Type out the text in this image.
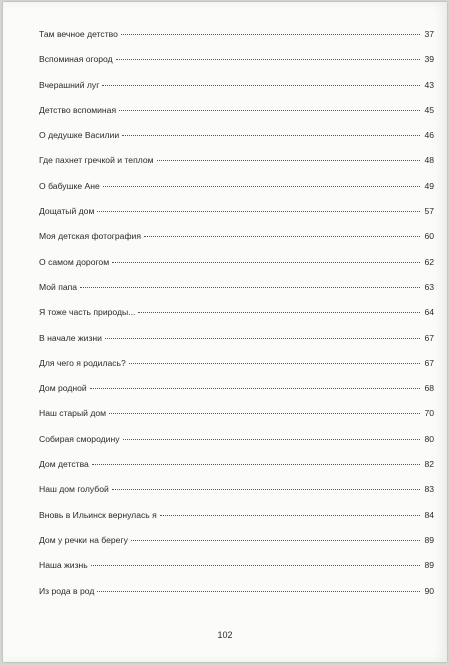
Там вечное детство	37
Вспоминая огород	39
Вчерашний луг	43
Детство вспоминая	45
О дедушке Василии	46
Где пахнет гречкой и теплом	48
О бабушке Ане	49
Дощатый дом	57
Моя детская фотография	60
О самом дорогом	62
Мой папа	63
Я тоже часть природы...	64
В начале жизни	67
Для чего я родилась?	67
Дом родной	68
Наш старый дом	70
Собирая смородину	80
Дом детства	82
Наш дом голубой	83
Вновь в Ильинск вернулась я	84
Дом у речки на берегу	89
Наша жизнь	89
Из рода в род	90
102
